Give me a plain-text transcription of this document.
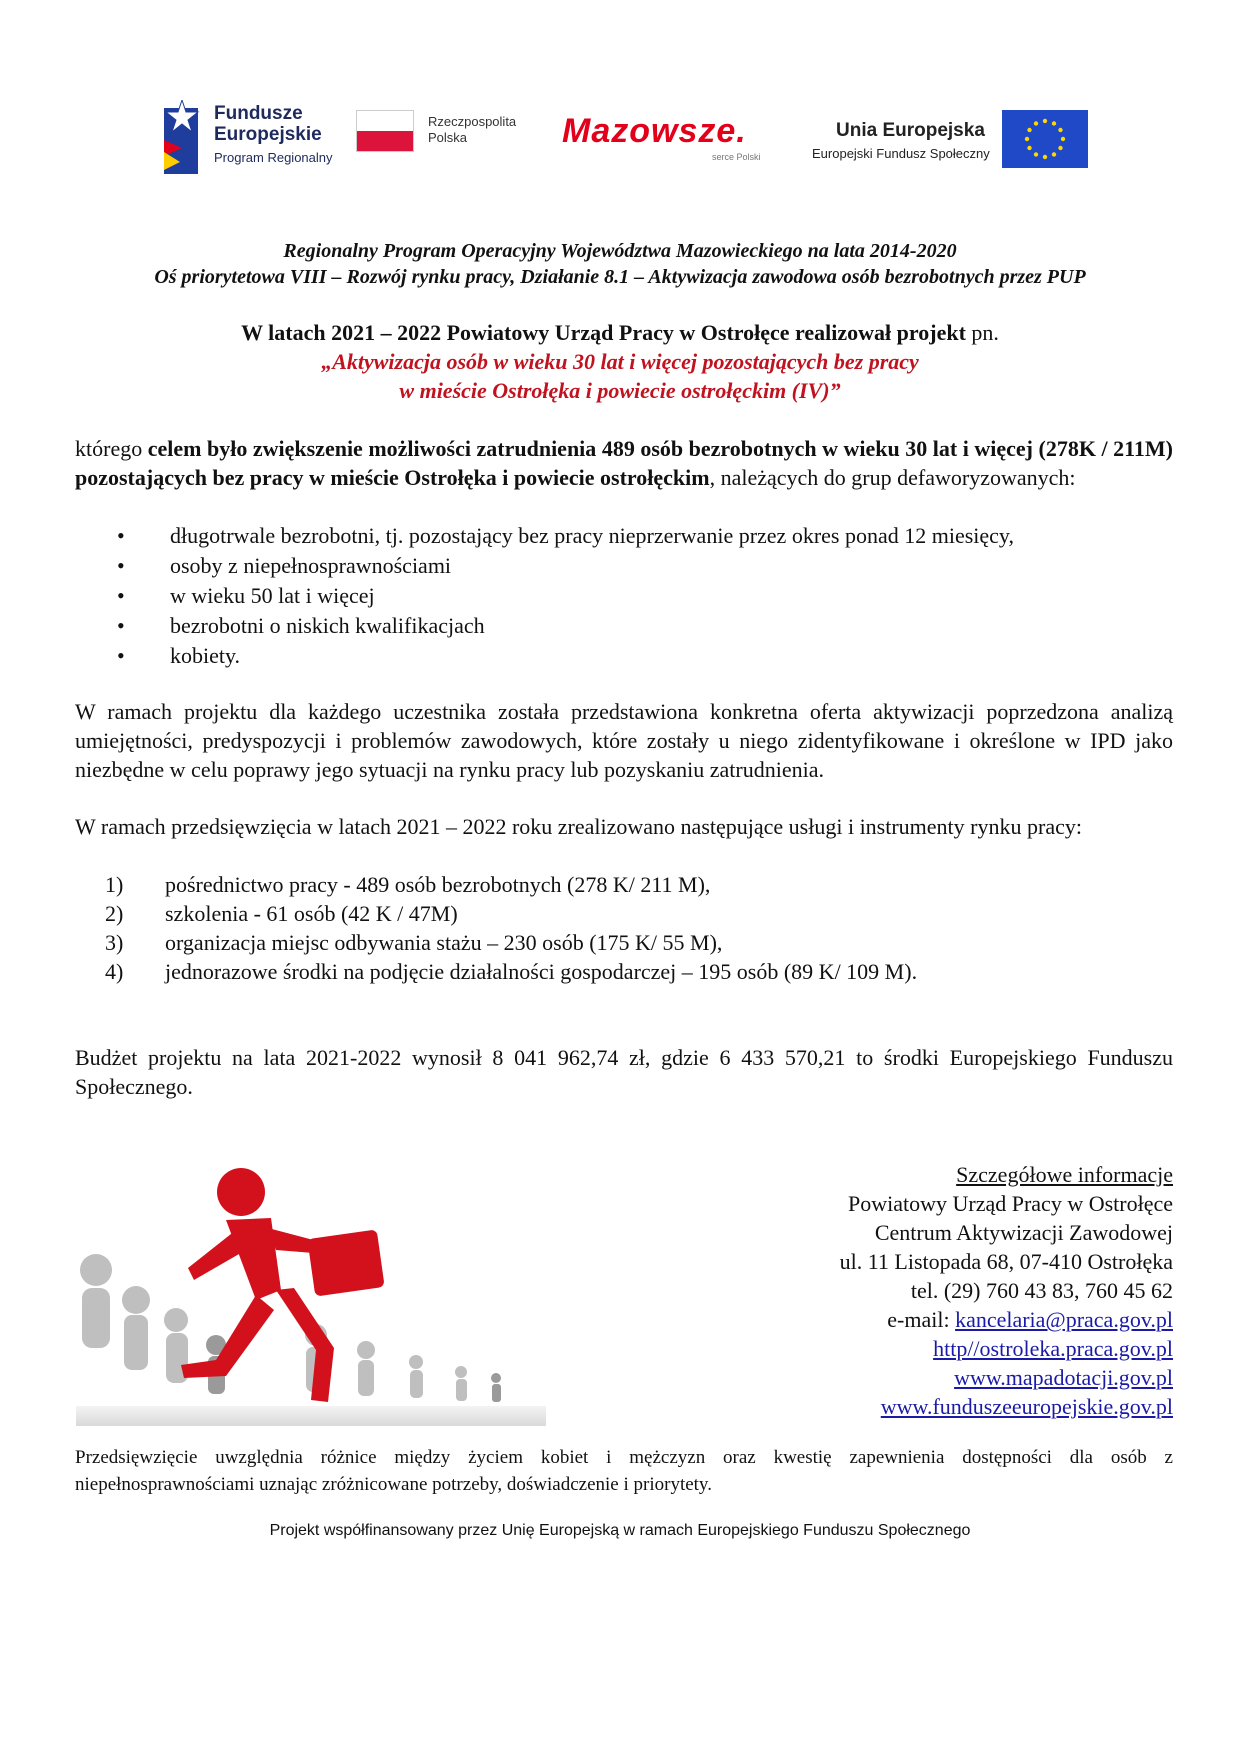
Fundusze
Europejskie
Program Regionalny
Rzeczpospolita
Polska	Mazowsze.
serce Polski
Unia Europejska
Europejski Fundusz Społeczny
Regionalny Program Operacyjny Województwa Mazowieckiego na lata 2014-2020
Oś priorytetowa VIII – Rozwój rynku pracy, Działanie 8.1 – Aktywizacja zawodowa osób bezrobotnych przez PUP
W latach 2021 – 2022 Powiatowy Urząd Pracy w Ostrołęce realizował projekt pn.
„Aktywizacja osób w wieku 30 lat i więcej pozostających bez pracy
w mieście Ostrołęka i powiecie ostrołęckim (IV)”
którego celem było zwiększenie możliwości zatrudnienia 489 osób bezrobotnych w wieku 30 lat i więcej (278K / 211M) pozostających bez pracy w mieście Ostrołęka i powiecie ostrołęckim, należących do grup defaworyzowanych:
• długotrwale bezrobotni, tj. pozostający bez pracy nieprzerwanie przez okres ponad 12 miesięcy,
• osoby z niepełnosprawnościami
• w wieku 50 lat i więcej
• bezrobotni o niskich kwalifikacjach
• kobiety.
W ramach projektu dla każdego uczestnika została przedstawiona konkretna oferta aktywizacji poprzedzona analizą umiejętności, predyspozycji i problemów zawodowych, które zostały u niego zidentyfikowane i określone w IPD jako niezbędne w celu poprawy jego sytuacji na rynku pracy lub pozyskaniu zatrudnienia.
W ramach przedsięwzięcia w latach 2021 – 2022 roku zrealizowano następujące usługi i instrumenty rynku pracy:
1) pośrednictwo pracy - 489 osób bezrobotnych (278 K/ 211 M),
2) szkolenia - 61 osób (42 K / 47M)
3) organizacja miejsc odbywania stażu – 230 osób (175 K/ 55 M),
4) jednorazowe środki na podjęcie działalności gospodarczej – 195 osób (89 K/ 109 M).
Budżet projektu na lata 2021-2022 wynosił 8 041 962,74 zł, gdzie 6 433 570,21 to środki Europejskiego Funduszu Społecznego.
Szczegółowe informacje
Powiatowy Urząd Pracy w Ostrołęce
Centrum Aktywizacji Zawodowej
ul. 11 Listopada 68, 07-410 Ostrołęka
tel. (29) 760 43 83, 760 45 62
e-mail: kancelaria@praca.gov.pl
http//ostroleka.praca.gov.pl
www.mapadotacji.gov.pl
www.funduszeeuropejskie.gov.pl
Przedsięwzięcie uwzględnia różnice między życiem kobiet i mężczyzn oraz kwestię zapewnienia dostępności dla osób z niepełnosprawnościami uznając zróżnicowane potrzeby, doświadczenie i priorytety.
Projekt współfinansowany przez Unię Europejską w ramach Europejskiego Funduszu Społecznego
